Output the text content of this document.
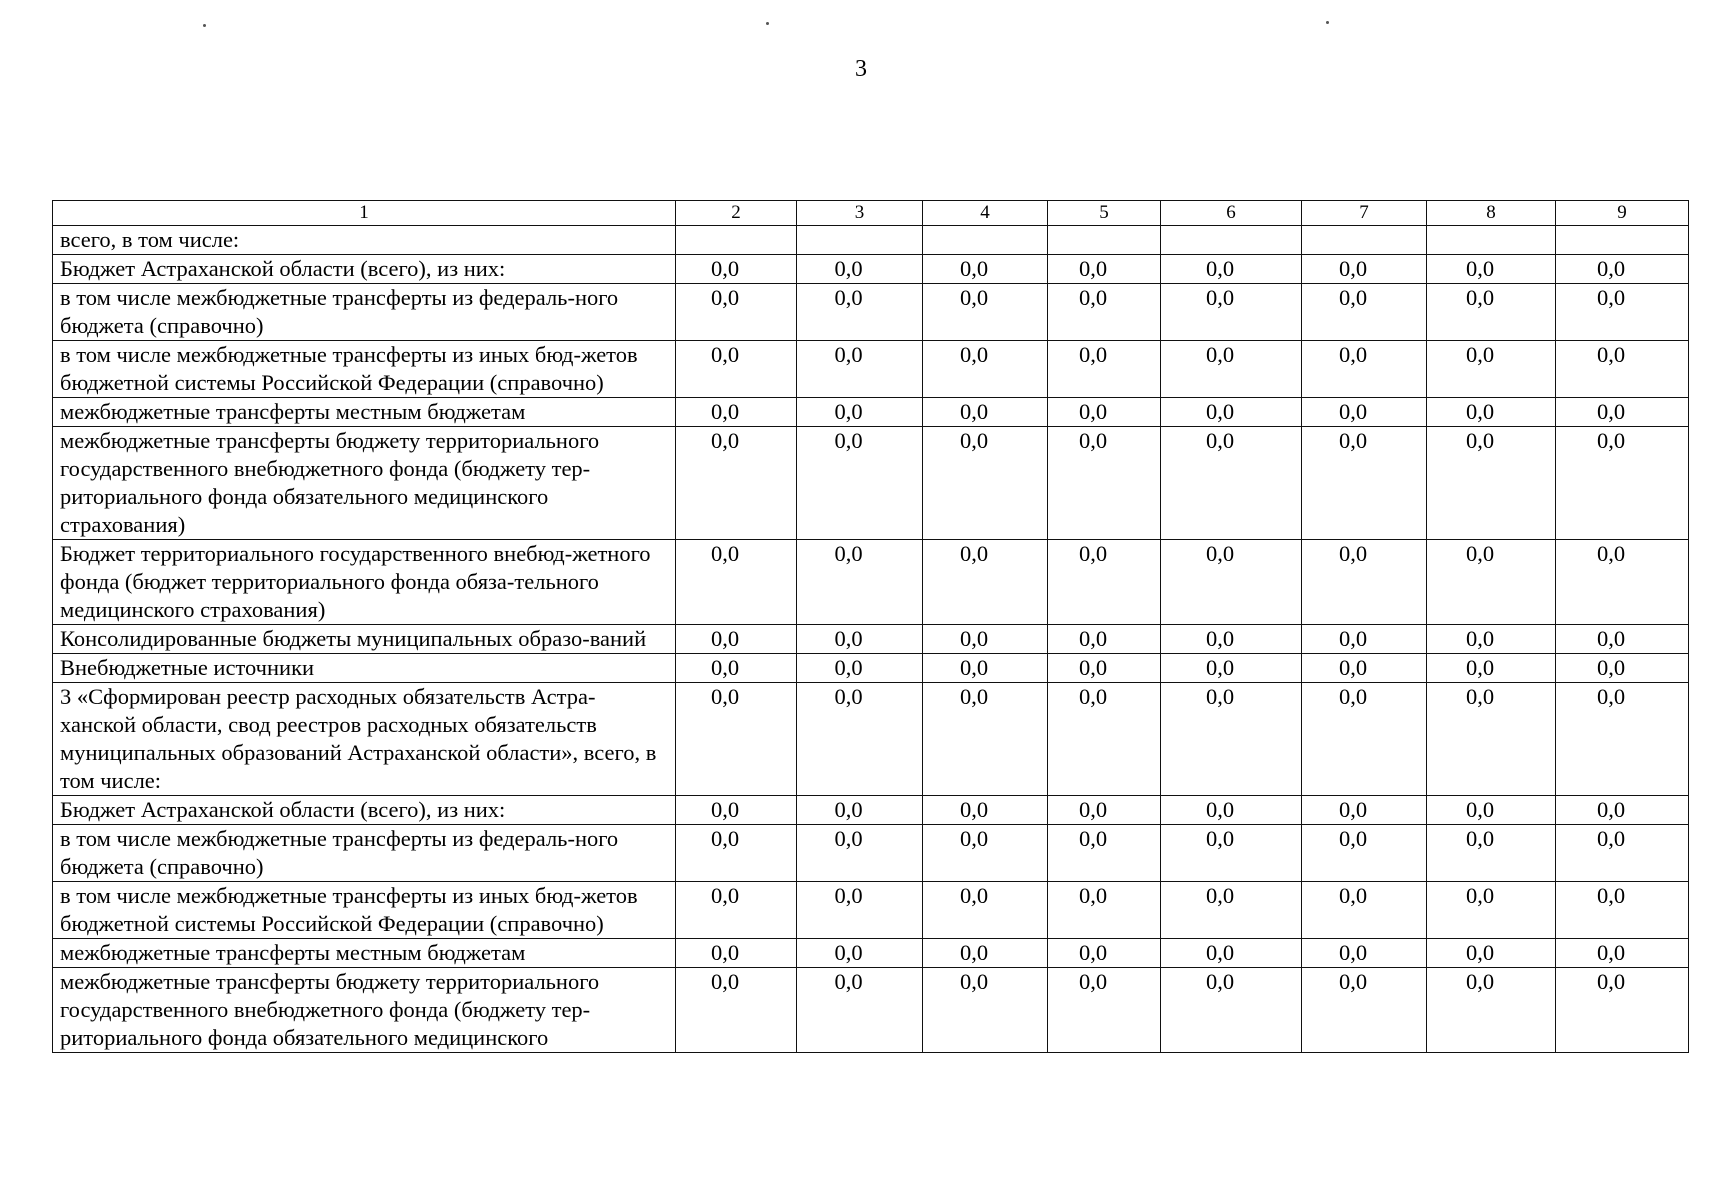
3
1	2	3	4	5	6	7	8	9
всего, в том числе:								
Бюджет Астраханской области (всего), из них:	0,0	0,0	0,0	0,0	0,0	0,0	0,0	0,0
в том числе межбюджетные трансферты из федераль-ного бюджета (справочно)	0,0	0,0	0,0	0,0	0,0	0,0	0,0	0,0
в том числе межбюджетные трансферты из иных бюд-жетов бюджетной системы Российской Федерации (справочно)	0,0	0,0	0,0	0,0	0,0	0,0	0,0	0,0
межбюджетные трансферты местным бюджетам	0,0	0,0	0,0	0,0	0,0	0,0	0,0	0,0
межбюджетные трансферты бюджету территориального государственного внебюджетного фонда (бюджету тер-риториального фонда обязательного медицинского страхования)	0,0	0,0	0,0	0,0	0,0	0,0	0,0	0,0
Бюджет территориального государственного внебюд-жетного фонда (бюджет территориального фонда обяза-тельного медицинского страхования)	0,0	0,0	0,0	0,0	0,0	0,0	0,0	0,0
Консолидированные бюджеты муниципальных образо-ваний	0,0	0,0	0,0	0,0	0,0	0,0	0,0	0,0
Внебюджетные источники	0,0	0,0	0,0	0,0	0,0	0,0	0,0	0,0
3 «Сформирован реестр расходных обязательств Астра-ханской области, свод реестров расходных обязательств муниципальных образований Астраханской области», всего, в том числе:	0,0	0,0	0,0	0,0	0,0	0,0	0,0	0,0
Бюджет Астраханской области (всего), из них:	0,0	0,0	0,0	0,0	0,0	0,0	0,0	0,0
в том числе межбюджетные трансферты из федераль-ного бюджета (справочно)	0,0	0,0	0,0	0,0	0,0	0,0	0,0	0,0
в том числе межбюджетные трансферты из иных бюд-жетов бюджетной системы Российской Федерации (справочно)	0,0	0,0	0,0	0,0	0,0	0,0	0,0	0,0
межбюджетные трансферты местным бюджетам	0,0	0,0	0,0	0,0	0,0	0,0	0,0	0,0
межбюджетные трансферты бюджету территориального государственного внебюджетного фонда (бюджету тер-риториального фонда обязательного медицинского	0,0	0,0	0,0	0,0	0,0	0,0	0,0	0,0
